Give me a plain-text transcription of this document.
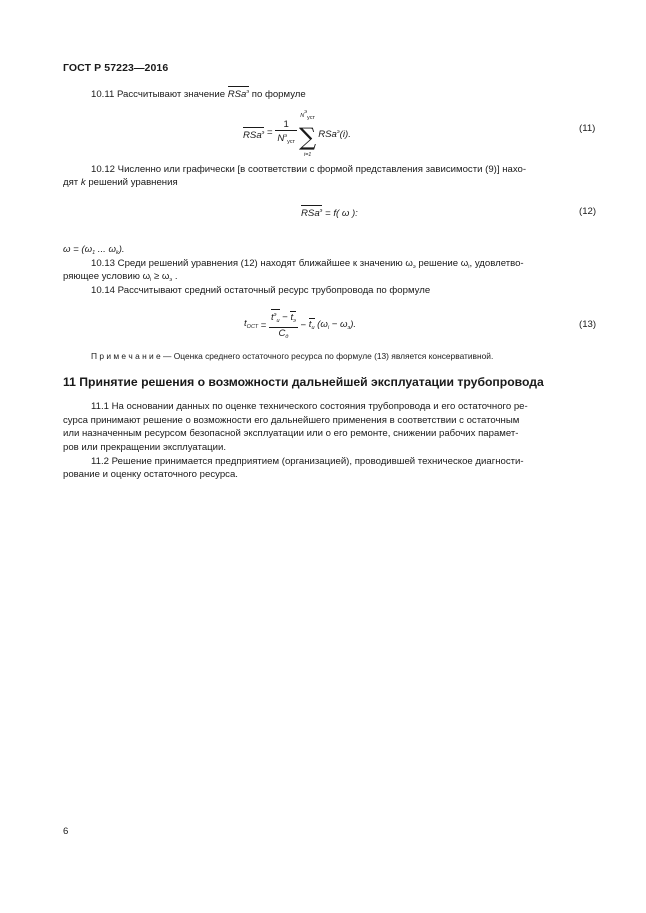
ГОСТ Р 57223—2016
10.11 Рассчитывают значение RSa$^э$ по формуле
$RSa^э = \frac{1}{N^э_{уст}}$
Nэуст
∑
i=1
RSa$^э$(i).
(11)
10.12 Численно или графически [в соответствии с формой представления зависимости (9)] нахо-
дят k решений уравнения
RSa$^э$ = f( ω ):	(12)
$\omega = (\omega_1$ ... $\omega_k$).
10.13 Среди решений уравнения (12) находят ближайшее к значению $\omega_э$ решение $\omega_i$, удовлетво-
ряющее условию $\omega_i \ge \omega_э$ .
10.14 Рассчитывают средний остаточный ресурс трубопровода по формуле
$t_{ОСТ} = \frac{t^э_и - t_э}{C_д} - t_и$ $(\omega_i - \omega_э)$.	(13)
П р и м е ч а н и е — Оценка среднего остаточного ресурса по формуле (13) является консервативной.
11 Принятие решения о возможности дальнейшей эксплуатации трубопровода
11.1 На основании данных по оценке технического состояния трубопровода и его остаточного ре-
сурса принимают решение о возможности его дальнейшего применения в соответствии с остаточным
или назначенным ресурсом безопасной эксплуатации или о его ремонте, снижении рабочих парамет-
ров или прекращении эксплуатации.
11.2 Решение принимается предприятием (организацией), проводившей техническое диагности-
рование и оценку остаточного ресурса.
6
